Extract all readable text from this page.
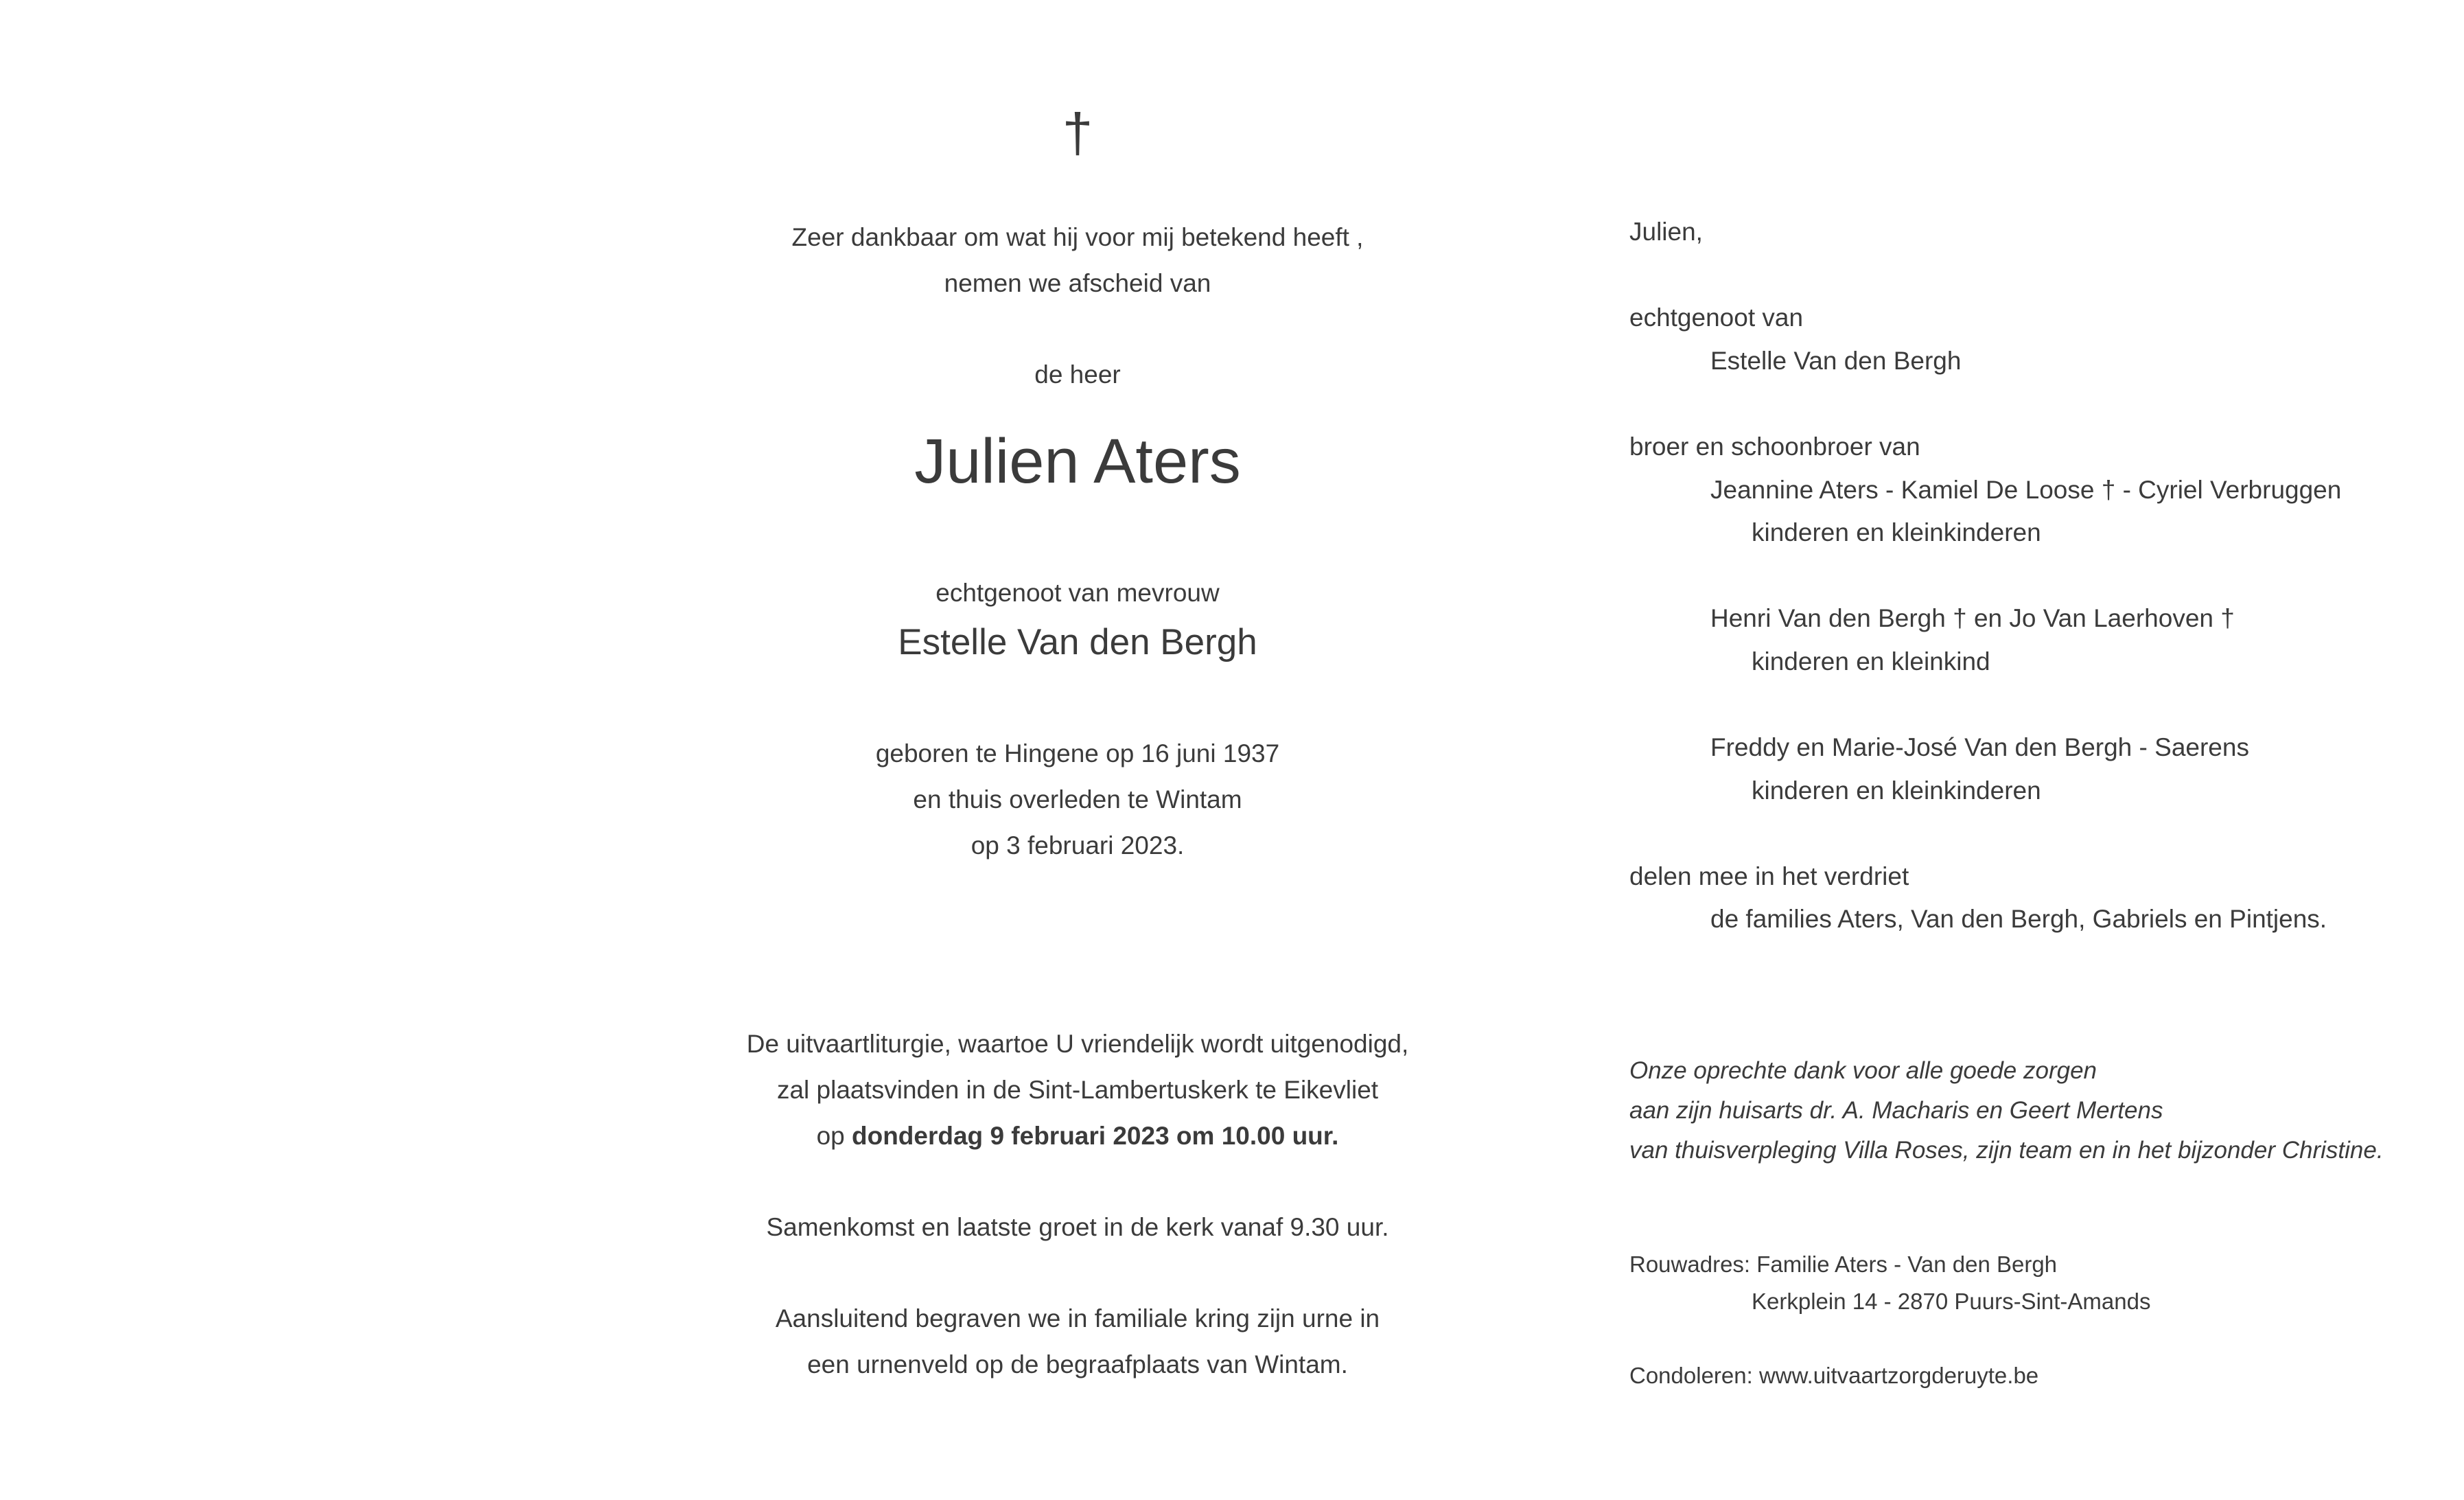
†
Zeer dankbaar om wat hij voor mij betekend heeft ,
nemen we afscheid van
de heer
Julien Aters
echtgenoot van mevrouw
Estelle Van den Bergh
geboren te Hingene op 16 juni 1937
en thuis overleden te Wintam
op 3 februari 2023.
De uitvaartliturgie, waartoe U vriendelijk wordt uitgenodigd,
zal plaatsvinden in de Sint-Lambertuskerk te Eikevliet
op donderdag 9 februari 2023 om 10.00 uur.
Samenkomst en laatste groet in de kerk vanaf 9.30 uur.
Aansluitend begraven we in familiale kring zijn urne in
een urnenveld op de begraafplaats van Wintam.
Julien,
echtgenoot van
Estelle Van den Bergh
broer en schoonbroer van
Jeannine Aters - Kamiel De Loose † - Cyriel Verbruggen
kinderen en kleinkinderen
Henri Van den Bergh † en Jo Van Laerhoven †
kinderen en kleinkind
Freddy en Marie-José Van den Bergh - Saerens
kinderen en kleinkinderen
delen mee in het verdriet
de families Aters, Van den Bergh, Gabriels en Pintjens.
Onze oprechte dank voor alle goede zorgen
aan zijn huisarts dr. A. Macharis en Geert Mertens
van thuisverpleging Villa Roses, zijn team en in het bijzonder Christine.
Rouwadres: Familie Aters - Van den Bergh
Kerkplein 14 - 2870 Puurs-Sint-Amands
Condoleren: www.uitvaartzorgderuyte.be
